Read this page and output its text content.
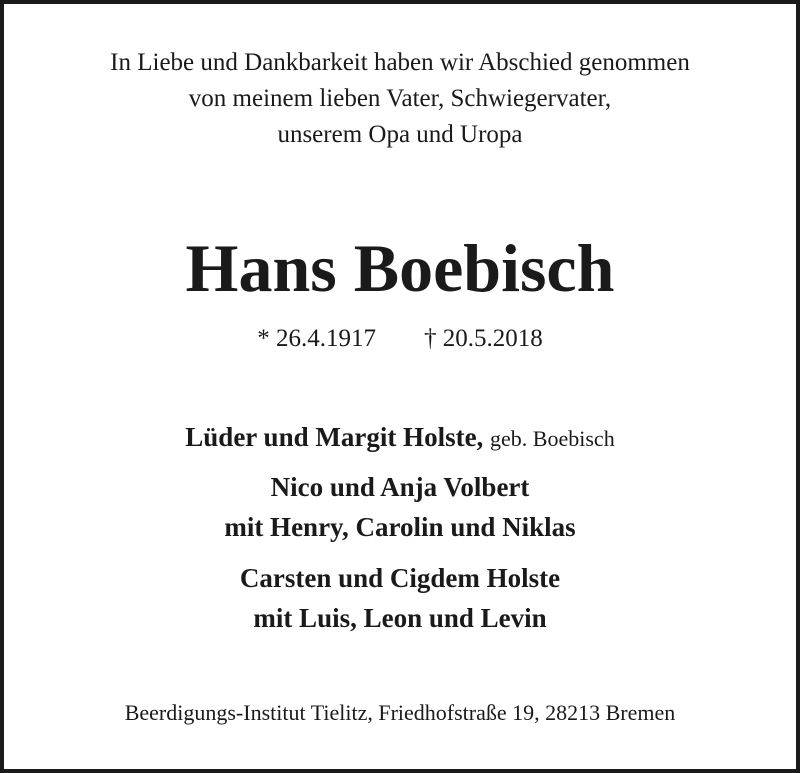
In Liebe und Dankbarkeit haben wir Abschied genommen
von meinem lieben Vater, Schwiegervater,
unserem Opa und Uropa
Hans Boebisch
* 26.4.1917 † 20.5.2018
Lüder und Margit Holste, geb. Boebisch
Nico und Anja Volbert
mit Henry, Carolin und Niklas
Carsten und Cigdem Holste
mit Luis, Leon und Levin
Beerdigungs-Institut Tielitz, Friedhofstraße 19, 28213 Bremen
